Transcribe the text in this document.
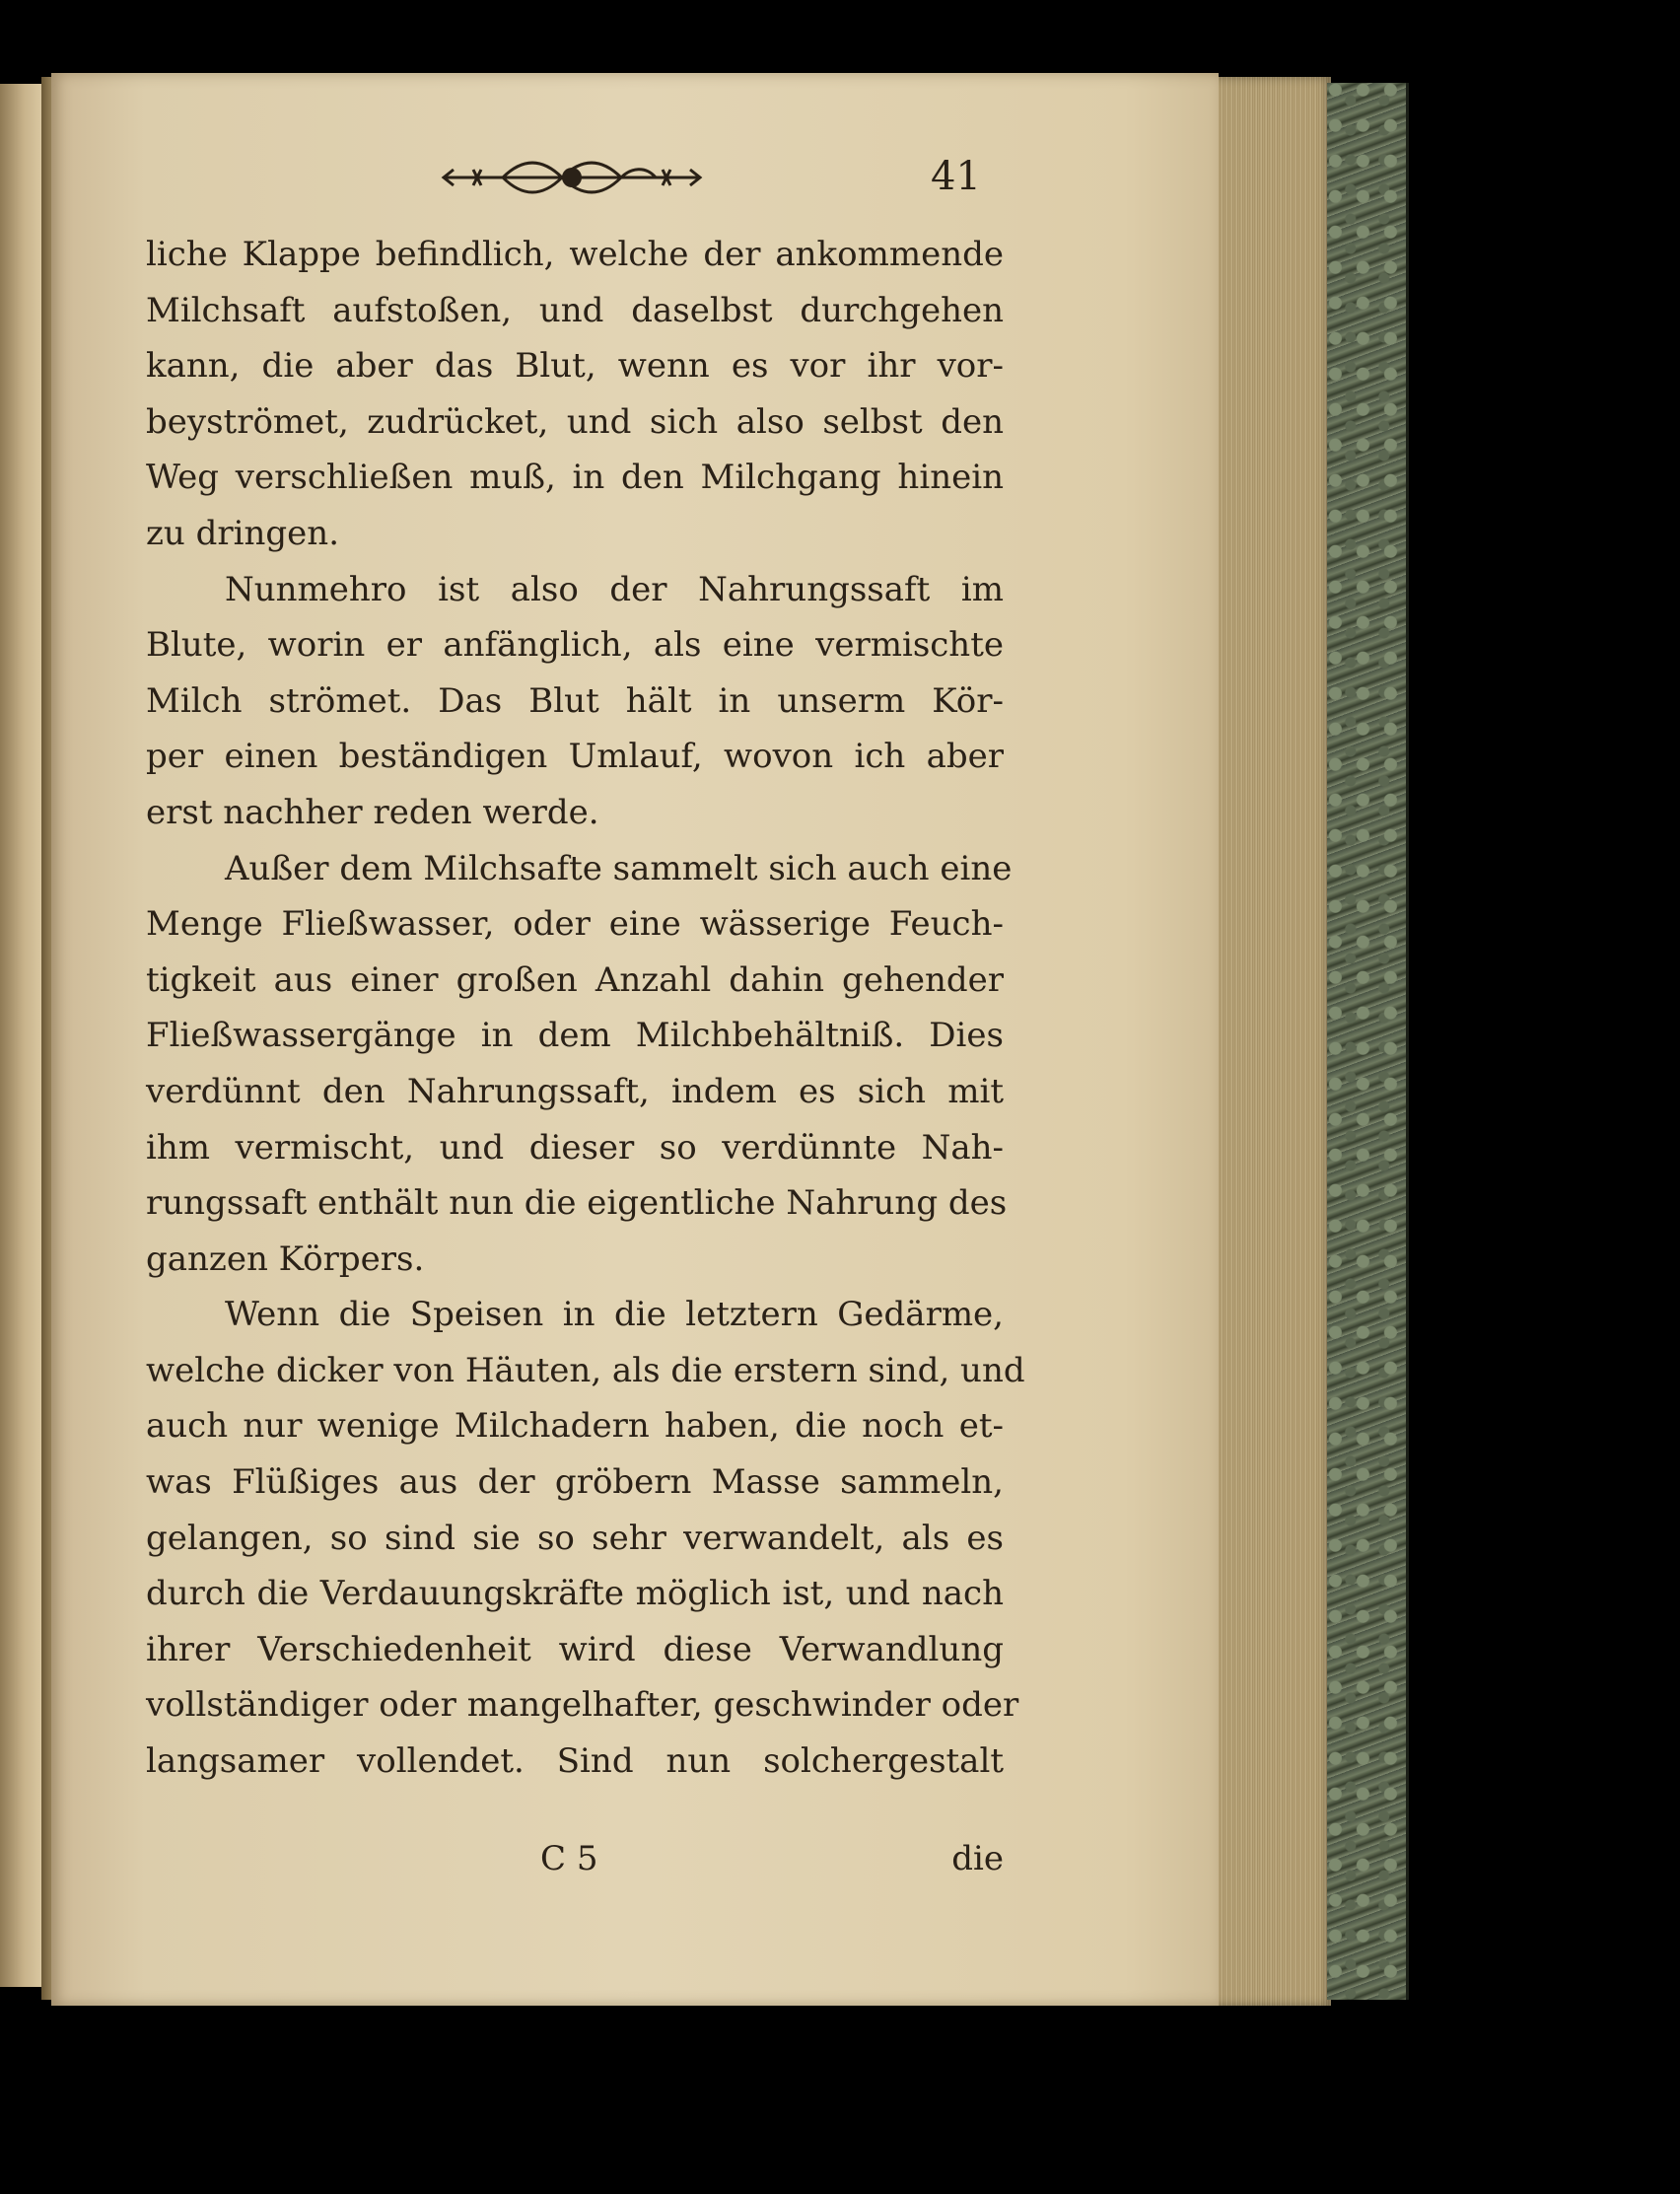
41
liche Klappe befindlich, welche der ankommende
Milchsaft aufstoßen, und daselbst durchgehen
kann, die aber das Blut, wenn es vor ihr vor-
beyströmet, zudrücket, und sich also selbst den
Weg verschließen muß, in den Milchgang hinein
zu dringen.
Nunmehro ist also der Nahrungssaft im
Blute, worin er anfänglich, als eine vermischte
Milch strömet. Das Blut hält in unserm Kör-
per einen beständigen Umlauf, wovon ich aber
erst nachher reden werde.
Außer dem Milchsafte sammelt sich auch eine
Menge Fließwasser, oder eine wässerige Feuch-
tigkeit aus einer großen Anzahl dahin gehender
Fließwassergänge in dem Milchbehältniß. Dies
verdünnt den Nahrungssaft, indem es sich mit
ihm vermischt, und dieser so verdünnte Nah-
rungssaft enthält nun die eigentliche Nahrung des
ganzen Körpers.
Wenn die Speisen in die letztern Gedärme,
welche dicker von Häuten, als die erstern sind, und
auch nur wenige Milchadern haben, die noch et-
was Flüßiges aus der gröbern Masse sammeln,
gelangen, so sind sie so sehr verwandelt, als es
durch die Verdauungskräfte möglich ist, und nach
ihrer Verschiedenheit wird diese Verwandlung
vollständiger oder mangelhafter, geschwinder oder
langsamer vollendet. Sind nun solchergestalt
C 5	die
